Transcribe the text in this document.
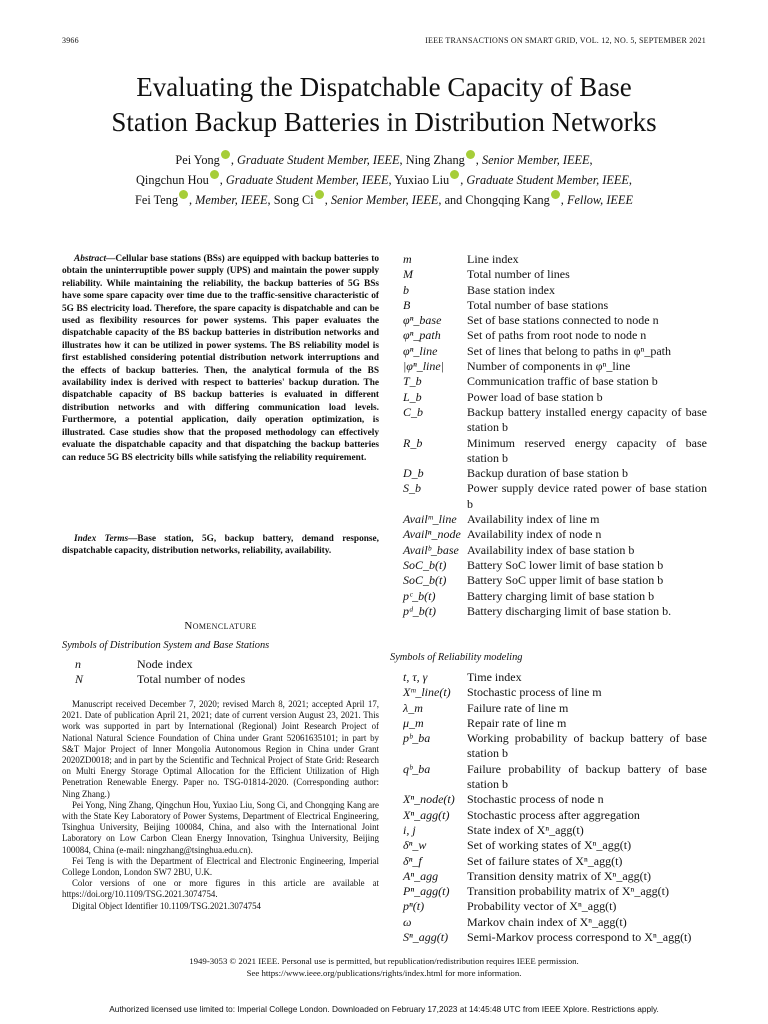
3966	IEEE TRANSACTIONS ON SMART GRID, VOL. 12, NO. 5, SEPTEMBER 2021
Evaluating the Dispatchable Capacity of Base
Station Backup Batteries in Distribution Networks
Pei Yong , Graduate Student Member, IEEE, Ning Zhang , Senior Member, IEEE,
Qingchun Hou , Graduate Student Member, IEEE, Yuxiao Liu , Graduate Student Member, IEEE,
Fei Teng , Member, IEEE, Song Ci , Senior Member, IEEE, and Chongqing Kang , Fellow, IEEE
Abstract—Cellular base stations (BSs) are equipped with backup batteries to obtain the uninterruptible power supply (UPS) and maintain the power supply reliability. While maintaining the reliability, the backup batteries of 5G BSs have some spare capacity over time due to the traffic-sensitive characteristic of 5G BS electricity load. Therefore, the spare capacity is dispatchable and can be used as flexibility resources for power systems. This paper evaluates the dispatchable capacity of the BS backup batteries in distribution networks and illustrates how it can be utilized in power systems. The BS reliability model is first established considering potential distribution network interruptions and the effects of backup batteries. Then, the analytical formula of the BS availability index is derived with respect to batteries' backup duration. The dispatchable capacity of BS backup batteries is evaluated in different distribution networks and with differing communication load levels. Furthermore, a potential application, daily operation optimization, is illustrated. Case studies show that the proposed methodology can effectively evaluate the dispatchable capacity and that dispatching the backup batteries can reduce 5G BS electricity bills while satisfying the reliability requirement.
Index Terms—Base station, 5G, backup battery, demand response, dispatchable capacity, distribution networks, reliability, availability.
Nomenclature
Symbols of Distribution System and Base Stations
n	Node index
N	Total number of nodes
m	Line index
M	Total number of lines
b	Base station index
B	Total number of base stations
φⁿ_base	Set of base stations connected to node n
φⁿ_path	Set of paths from root node to node n
φⁿ_line	Set of lines that belong to paths in φⁿ_path
|φⁿ_line|	Number of components in φⁿ_line
T_b	Communication traffic of base station b
L_b	Power load of base station b
C_b	Backup battery installed energy capacity of base station b
R_b	Minimum reserved energy capacity of base station b
D_b	Backup duration of base station b
S_b	Power supply device rated power of base station b
Availᵐ_line Availability index of line m
Availⁿ_node Availability index of node n
Availᵇ_base Availability index of base station b
SoC_b(t)	Battery SoC lower limit of base station b
SoC_b(t)	Battery SoC upper limit of base station b
pᶜ_b(t)	Battery charging limit of base station b
pᵈ_b(t)	Battery discharging limit of base station b.
Symbols of Reliability modeling
t, τ, γ	Time index
Xᵐ_line(t)	Stochastic process of line m
λ_m	Failure rate of line m
μ_m	Repair rate of line m
pᵇ_ba	Working probability of backup battery of base station b
qᵇ_ba	Failure probability of backup battery of base station b
Xⁿ_node(t)	Stochastic process of node n
Xⁿ_agg(t)	Stochastic process after aggregation
i, j	State index of Xⁿ_agg(t)
δⁿ_w	Set of working states of Xⁿ_agg(t)
δⁿ_f	Set of failure states of Xⁿ_agg(t)
Aⁿ_agg	Transition density matrix of Xⁿ_agg(t)
Pⁿ_agg(t)	Transition probability matrix of Xⁿ_agg(t)
pⁿ(t)	Probability vector of Xⁿ_agg(t)
ω	Markov chain index of Xⁿ_agg(t)
Sⁿ_agg(t)	Semi-Markov process correspond to Xⁿ_agg(t)

Manuscript received December 7, 2020; revised March 8, 2021; accepted April 17, 2021. Date of publication April 21, 2021; date of current version August 23, 2021. This work was supported in part by International (Regional) Joint Research Project of National Natural Science Foundation of China under Grant 52061635101; in part by S&T Major Project of Inner Mongolia Autonomous Region in China under Grant 2020ZD0018; and in part by the Scientific and Technical Project of State Grid: Research on Multi Energy Storage Optimal Allocation for the Efficient Utilization of High Penetration Renewable Energy. Paper no. TSG-01814-2020. (Corresponding author: Ning Zhang.)

Pei Yong, Ning Zhang, Qingchun Hou, Yuxiao Liu, Song Ci, and Chongqing Kang are with the State Key Laboratory of Power Systems, Department of Electrical Engineering, Tsinghua University, Beijing 100084, China, and also with the International Joint Laboratory on Low Carbon Clean Energy Innovation, Tsinghua University, Beijing 100084, China (e-mail: ningzhang@tsinghua.edu.cn).

Fei Teng is with the Department of Electrical and Electronic Engineering, Imperial College London, London SW7 2BU, U.K.

Color versions of one or more figures in this article are available at https://doi.org/10.1109/TSG.2021.3074754.

Digital Object Identifier 10.1109/TSG.2021.3074754

1949-3053 © 2021 IEEE. Personal use is permitted, but republication/redistribution requires IEEE permission.
See https://www.ieee.org/publications/rights/index.html for more information.
Authorized licensed use limited to: Imperial College London. Downloaded on February 17,2023 at 14:45:48 UTC from IEEE Xplore. Restrictions apply.
